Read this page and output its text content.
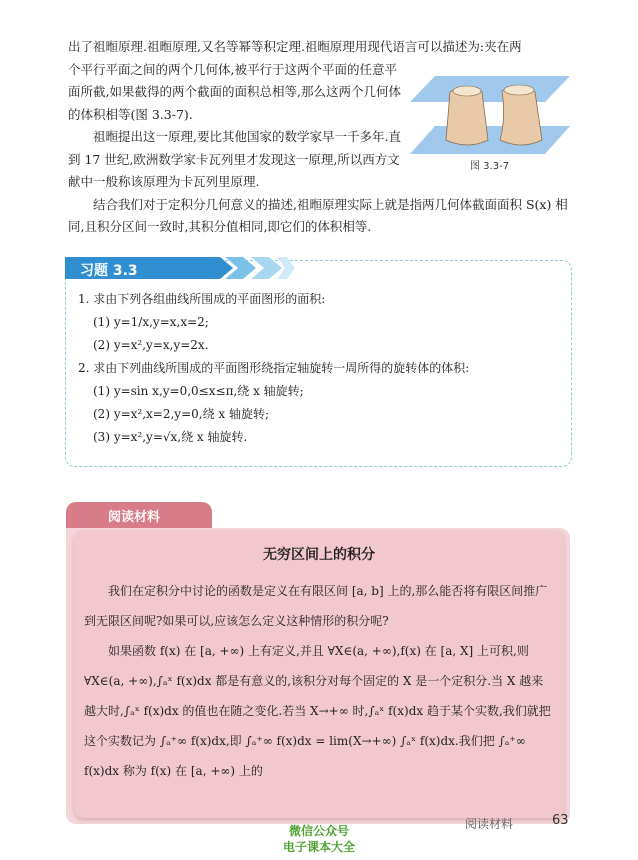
出了祖暅原理.祖暅原理,又名等幂等积定理.祖暅原理用现代语言可以描述为:夹在两

个平行平面之间的两个几何体,被平行于这两个平面的任意平面所截,如果截得的两个截面的面积总相等,那么这两个几何体的体积相等(图 3.3-7).

祖暅提出这一原理,要比其他国家的数学家早一千多年.直到 17 世纪,欧洲数学家卡瓦列里才发现这一原理,所以西方文献中一般称该原理为卡瓦列里原理.

结合我们对于定积分几何意义的描述,祖暅原理实际上就是指两几何体截面面积 S(x) 相同,且积分区间一致时,其积分值相同,即它们的体积相等.

图 3.3-7
习题 3.3

1. 求由下列各组曲线所围成的平面图形的面积:

(1) y=1/x,y=x,x=2;

(2) y=x²,y=x,y=2x.

2. 求由下列曲线所围成的平面图形绕指定轴旋转一周所得的旋转体的体积:

(1) y=sin x,y=0,0≤x≤π,绕 x 轴旋转;

(2) y=x²,x=2,y=0,绕 x 轴旋转;

(3) y=x²,y=√x,绕 x 轴旋转.

阅读材料
无穷区间上的积分

我们在定积分中讨论的函数是定义在有限区间 [a, b] 上的,那么能否将有限区间推广到无限区间呢?如果可以,应该怎么定义这种情形的积分呢?

如果函数 f(x) 在 [a, +∞) 上有定义,并且 ∀X∈(a, +∞),f(x) 在 [a, X] 上可积,则 ∀X∈(a, +∞),∫ₐˣ f(x)dx 都是有意义的,该积分对每个固定的 X 是一个定积分.当 X 越来越大时,∫ₐˣ f(x)dx 的值也在随之变化.若当 X→+∞ 时,∫ₐˣ f(x)dx 趋于某个实数,我们就把这个实数记为 ∫ₐ⁺∞ f(x)dx,即 ∫ₐ⁺∞ f(x)dx = lim(X→+∞) ∫ₐˣ f(x)dx.我们把 ∫ₐ⁺∞ f(x)dx 称为 f(x) 在 [a, +∞) 上的

阅读材料	63
微信公众号
电子课本大全
